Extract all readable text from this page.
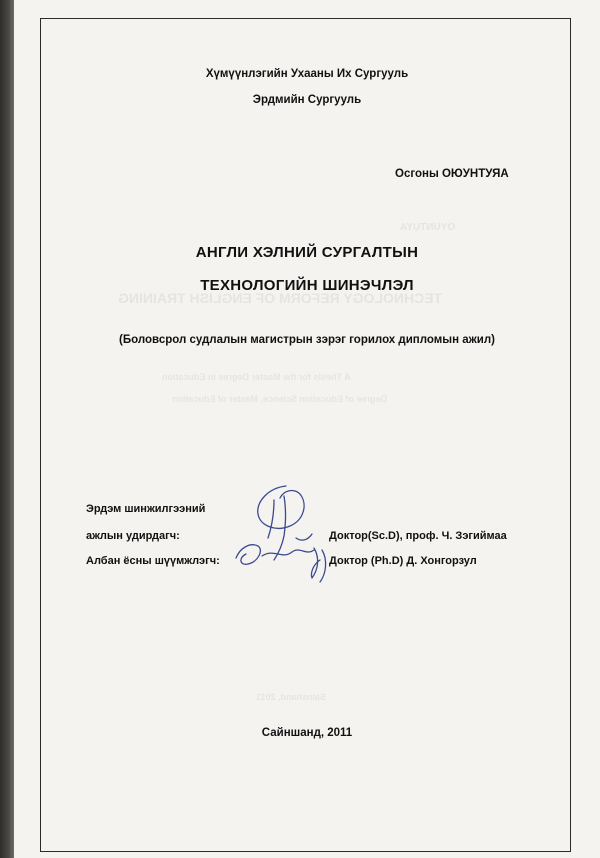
OYUNTUYA
TECHNOLOGY REFORM OF ENGLISH TRAINING
A Thesis for the Master Degree in Education
Degree of Education Science, Master of Education
Sainshand, 2011
Хүмүүнлэгийн Ухааны Их Сургууль
Эрдмийн Сургууль
Осгоны ОЮУНТУЯА
АНГЛИ ХЭЛНИЙ СУРГАЛТЫН
ТЕХНОЛОГИЙН ШИНЭЧЛЭЛ
(Боловсрол судлалын магистрын зэрэг горилох дипломын ажил)
Эрдэм шинжилгээний
ажлын удирдагч:	Доктор(Sc.D), проф. Ч. Зэгиймаа
Албан ёсны шүүмжлэгч:	Доктор (Ph.D) Д. Хонгорзул
Сайншанд, 2011
